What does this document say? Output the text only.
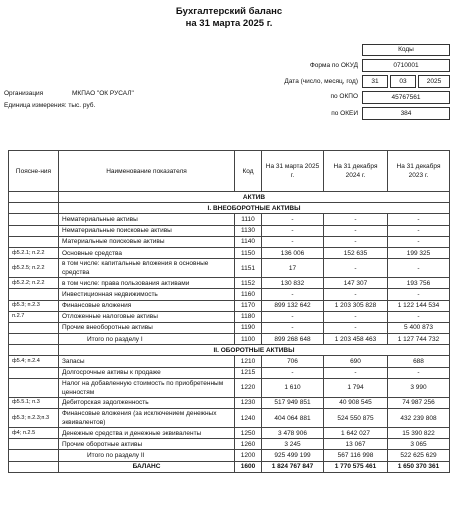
Бухгалтерский баланс
на 31 марта 2025 г.
Коды
Форма по ОКУД	0710001
Дата (число, месяц, год)	31	03	2025
Организация	МКПАО "ОК РУСАЛ"	по ОКПО	45767561
Единица измерения: тыс. руб.
по ОКЕИ	384
Поясне-ния	Наименование показателя	Код	На 31 марта 2025 г.	На 31 декабря 2024 г.	На 31 декабря 2023 г.
	АКТИВ				
	I. ВНЕОБОРОТНЫЕ АКТИВЫ				
	Нематериальные активы	1110	-	-	-
	Нематериальные поисковые активы	1130	-	-	-
	Материальные поисковые активы	1140	-	-	-
ф5.2.1; п.2.2	Основные средства	1150	136 006	152 635	199 325
ф5.2.5; п.2.2	в том числе: капитальные вложения в основные средства	1151	17	-	-
ф5.2.2; п.2.2	в том числе: права пользования активами	1152	130 832	147 307	193 756
	Инвестиционная недвижимость	1160	-	-	-
ф5.3; п.2.3	Финансовые вложения	1170	899 132 642	1 203 305 828	1 122 144 534
п.2.7	Отложенные налоговые активы	1180	-	-	-
	Прочие внеоборотные активы	1190	-	-	5 400 873
	Итого по разделу I	1100	899 268 648	1 203 458 463	1 127 744 732
	II. ОБОРОТНЫЕ АКТИВЫ				
ф5.4; п.2.4	Запасы	1210	706	690	688
	Долгосрочные активы к продаже	1215	-	-	-
	Налог на добавленную стоимость по приобретенным ценностям	1220	1 610	1 794	3 990
ф5.5.1; п.3	Дебиторская задолженность	1230	517 949 851	40 908 545	74 987 256
ф5.3; п.2.3;п.3	Финансовые вложения (за исключением денежных эквивалентов)	1240	404 064 881	524 550 875	432 239 808
ф4; п.2.5	Денежные средства и денежные эквиваленты	1250	3 478 906	1 642 027	15 390 822
	Прочие оборотные активы	1260	3 245	13 067	3 065
	Итого по разделу II	1200	925 499 199	567 116 998	522 625 629
	БАЛАНС	1600	1 824 767 847	1 770 575 461	1 650 370 361
